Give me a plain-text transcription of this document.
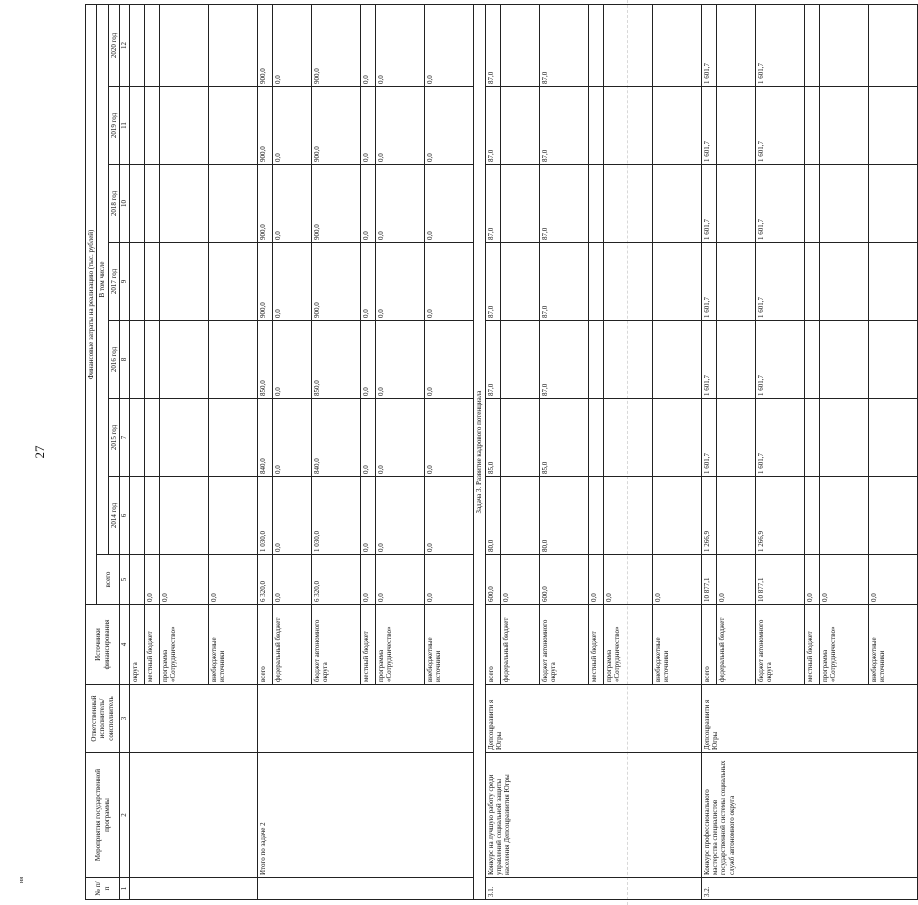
27
ня
№ п/п	Мероприятия государственной программы	Ответственный исполнитель/ соисполнитель	Источники финансирования	Финансовые затраты на реализацию (тыс. рублей)							
				всего	В том числе						
					2014 год	2015 год	2016 год	2017 год	2018 год	2019 год	2020 год
1	2	3	4	5	6	7	8	9	10	11	12
			округа								
			местный бюджет	0,0							
			программа «Сотрудничество»	0,0							
			внебюджетные источники	0,0							
	Итого по задаче 2		всего	6 320,0	1 030,0	840,0	850,0	900,0	900,0	900,0	900,0
			федеральный бюджет	0,0	0,0	0,0	0,0	0,0	0,0	0,0	0,0
			бюджет автономного округа	6 320,0	1 030,0	840,0	850,0	900,0	900,0	900,0	900,0
			местный бюджет	0,0	0,0	0,0	0,0	0,0	0,0	0,0	0,0
			программа «Сотрудничество»	0,0	0,0	0,0	0,0	0,0	0,0	0,0	0,0
			внебюджетные источники	0,0	0,0	0,0	0,0	0,0	0,0	0,0	0,0
Задача 3. Развитие кадрового потенциала											
3.1.	Конкурс на лучшую работу среди управлений социальной защиты населения Депсоцразвития Югры	Депсоцразвити я Югры	всего	600,0	80,0	85,0	87,0	87,0	87,0	87,0	87,0
			федеральный бюджет	0,0							
			бюджет автономного округа	600,0	80,0	85,0	87,0	87,0	87,0	87,0	87,0
			местный бюджет	0,0							
			программа «Сотрудничество»	0,0							
			внебюджетные источники	0,0							
3.2.	Конкурс профессионального мастерства специалистов государственной системы социальных служб автономного округа	Депсоцразвити я Югры	всего	10 877,1	1 266,9	1 601,7	1 601,7	1 601,7	1 601,7	1 601,7	1 601,7
			федеральный бюджет	0,0							
			бюджет автономного округа	10 877,1	1 266,9	1 601,7	1 601,7	1 601,7	1 601,7	1 601,7	1 601,7
			местный бюджет	0,0							
			программа «Сотрудничество»	0,0							
			внебюджетные источники	0,0							
